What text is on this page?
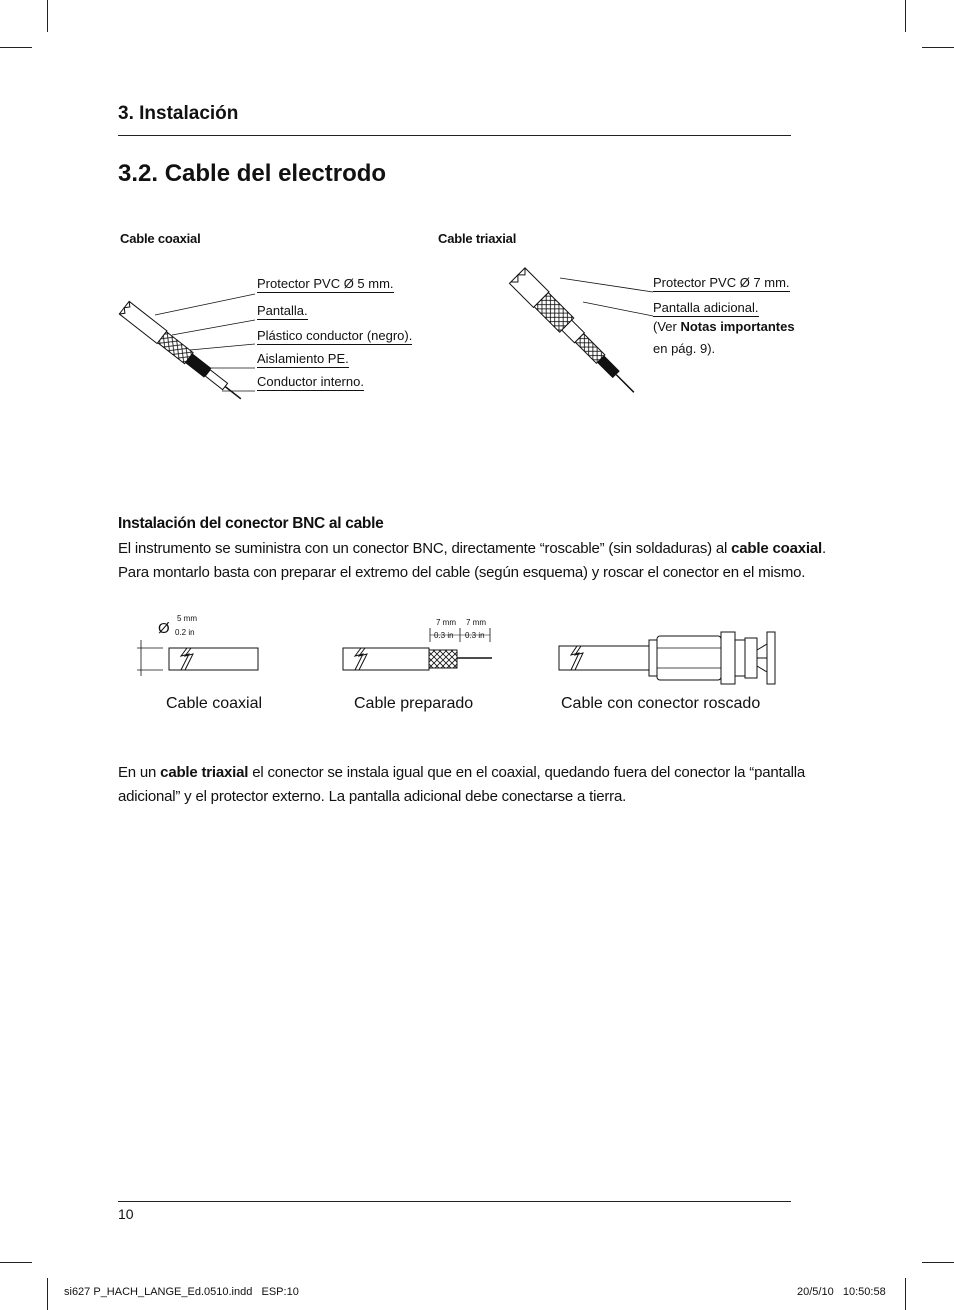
3. Instalación
3.2. Cable del electrodo
Cable coaxial	Cable triaxial
Protector PVC Ø 5 mm.
Pantalla.
Plástico conductor (negro).
Aislamiento PE.
Conductor interno.
Protector PVC Ø 7 mm.
Pantalla adicional.
(Ver Notas importantes
en pág. 9).
Instalación del conector BNC al cable
El instrumento se suministra con un conector BNC, directamente “roscable” (sin soldaduras) al cable coaxial.
Para montarlo basta con preparar el extremo del cable (según esquema) y roscar el conector en el mismo.
Ø
5 mm
0.2 in
Cable coaxial
7 mm
0.3 in
7 mm
0.3 in
Cable preparado	Cable con conector roscado
En un cable triaxial el conector se instala igual que en el coaxial, quedando fuera del conector la “pantalla
adicional” y el protector externo. La pantalla adicional debe conectarse a tierra.
10
si627 P_HACH_LANGE_Ed.0510.indd   ESP:10	20/5/10   10:50:58
